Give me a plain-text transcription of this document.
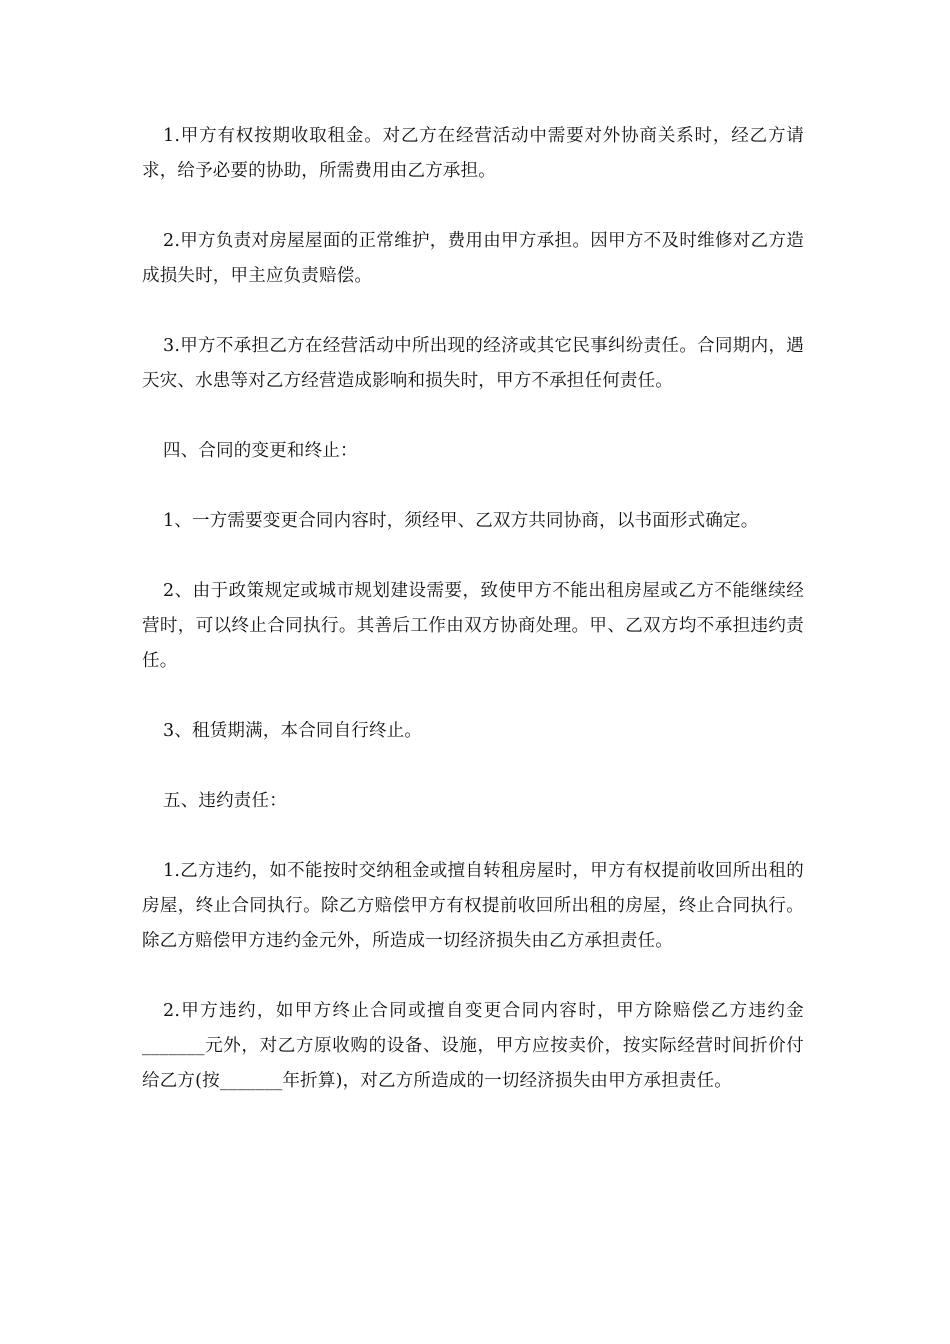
1.甲方有权按期收取租金。对乙方在经营活动中需要对外协商关系时，经乙方请求，给予必要的协助，所需费用由乙方承担。

2.甲方负责对房屋屋面的正常维护，费用由甲方承担。因甲方不及时维修对乙方造成损失时，甲主应负责赔偿。

3.甲方不承担乙方在经营活动中所出现的经济或其它民事纠纷责任。合同期内，遇天灾、水患等对乙方经营造成影响和损失时，甲方不承担任何责任。

四、合同的变更和终止：

1、一方需要变更合同内容时，须经甲、乙双方共同协商，以书面形式确定。

2、由于政策规定或城市规划建设需要，致使甲方不能出租房屋或乙方不能继续经营时，可以终止合同执行。其善后工作由双方协商处理。甲、乙双方均不承担违约责任。

3、租赁期满，本合同自行终止。

五、违约责任：

1.乙方违约，如不能按时交纳租金或擅自转租房屋时，甲方有权提前收回所出租的房屋，终止合同执行。除乙方赔偿甲方有权提前收回所出租的房屋，终止合同执行。除乙方赔偿甲方违约金元外，所造成一切经济损失由乙方承担责任。

2.甲方违约，如甲方终止合同或擅自变更合同内容时，甲方除赔偿乙方违约金_______元外，对乙方原收购的设备、设施，甲方应按卖价，按实际经营时间折价付给乙方(按_______年折算)，对乙方所造成的一切经济损失由甲方承担责任。
